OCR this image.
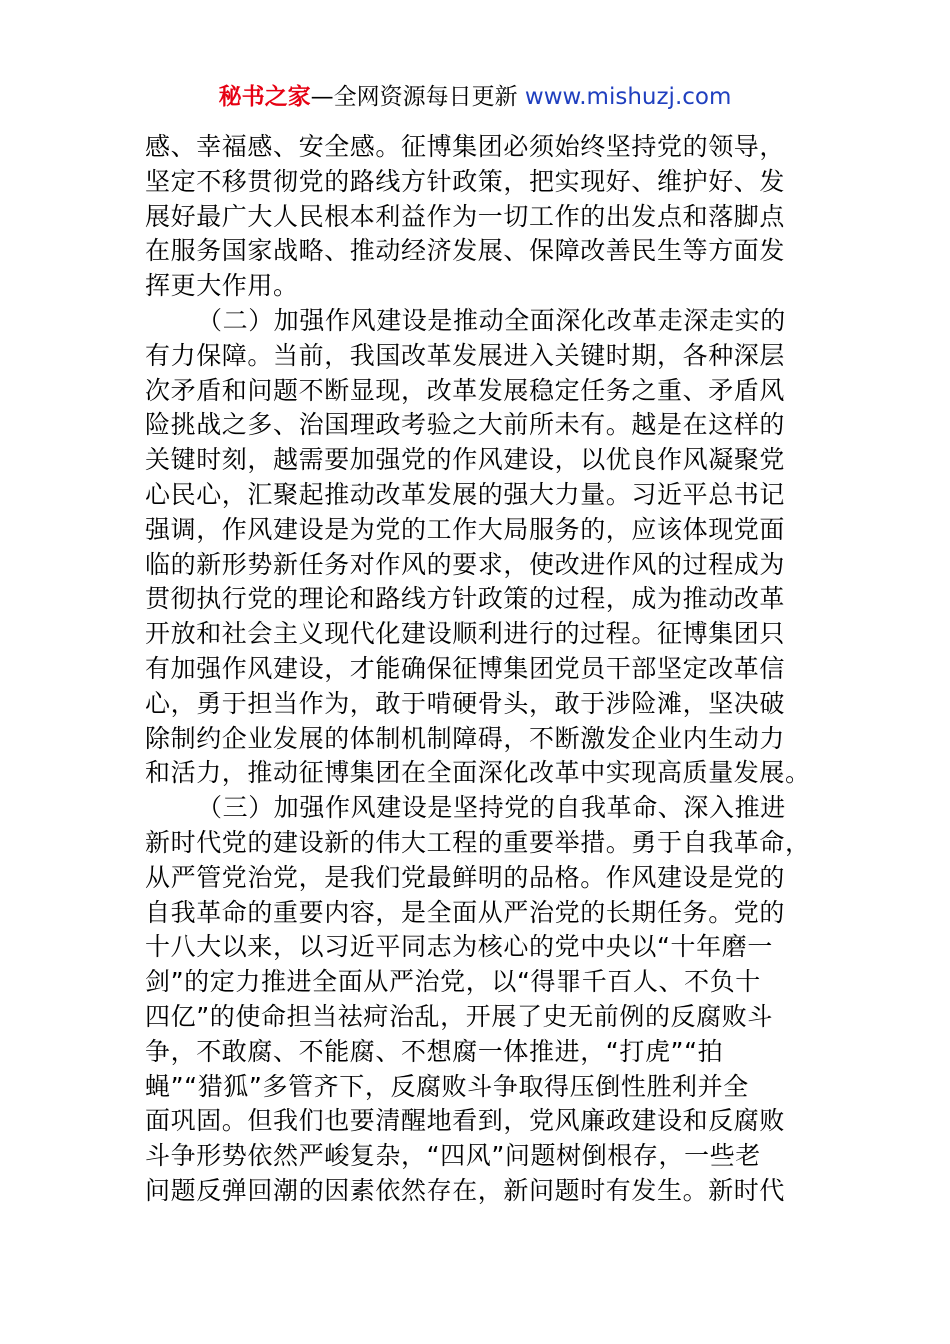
秘书之家—全网资源每日更新 www.mishuzj.com
感、幸福感、安全感。征博集团必须始终坚持党的领导，
坚定不移贯彻党的路线方针政策，把实现好、维护好、发
展好最广大人民根本利益作为一切工作的出发点和落脚点
在服务国家战略、推动经济发展、保障改善民生等方面发
挥更大作用。
（二）加强作风建设是推动全面深化改革走深走实的
有力保障。当前，我国改革发展进入关键时期，各种深层
次矛盾和问题不断显现，改革发展稳定任务之重、矛盾风
险挑战之多、治国理政考验之大前所未有。越是在这样的
关键时刻，越需要加强党的作风建设，以优良作风凝聚党
心民心，汇聚起推动改革发展的强大力量。习近平总书记
强调，作风建设是为党的工作大局服务的，应该体现党面
临的新形势新任务对作风的要求，使改进作风的过程成为
贯彻执行党的理论和路线方针政策的过程，成为推动改革
开放和社会主义现代化建设顺利进行的过程。征博集团只
有加强作风建设，才能确保征博集团党员干部坚定改革信
心，勇于担当作为，敢于啃硬骨头，敢于涉险滩，坚决破
除制约企业发展的体制机制障碍，不断激发企业内生动力
和活力，推动征博集团在全面深化改革中实现高质量发展。
（三）加强作风建设是坚持党的自我革命、深入推进
新时代党的建设新的伟大工程的重要举措。勇于自我革命，
从严管党治党，是我们党最鲜明的品格。作风建设是党的
自我革命的重要内容，是全面从严治党的长期任务。党的
十八大以来，以习近平同志为核心的党中央以“十年磨一
剑”的定力推进全面从严治党，以“得罪千百人、不负十
四亿”的使命担当祛疴治乱，开展了史无前例的反腐败斗
争，不敢腐、不能腐、不想腐一体推进，“打虎”“拍
蝇”“猎狐”多管齐下，反腐败斗争取得压倒性胜利并全
面巩固。但我们也要清醒地看到，党风廉政建设和反腐败
斗争形势依然严峻复杂，“四风”问题树倒根存，一些老
问题反弹回潮的因素依然存在，新问题时有发生。新时代
